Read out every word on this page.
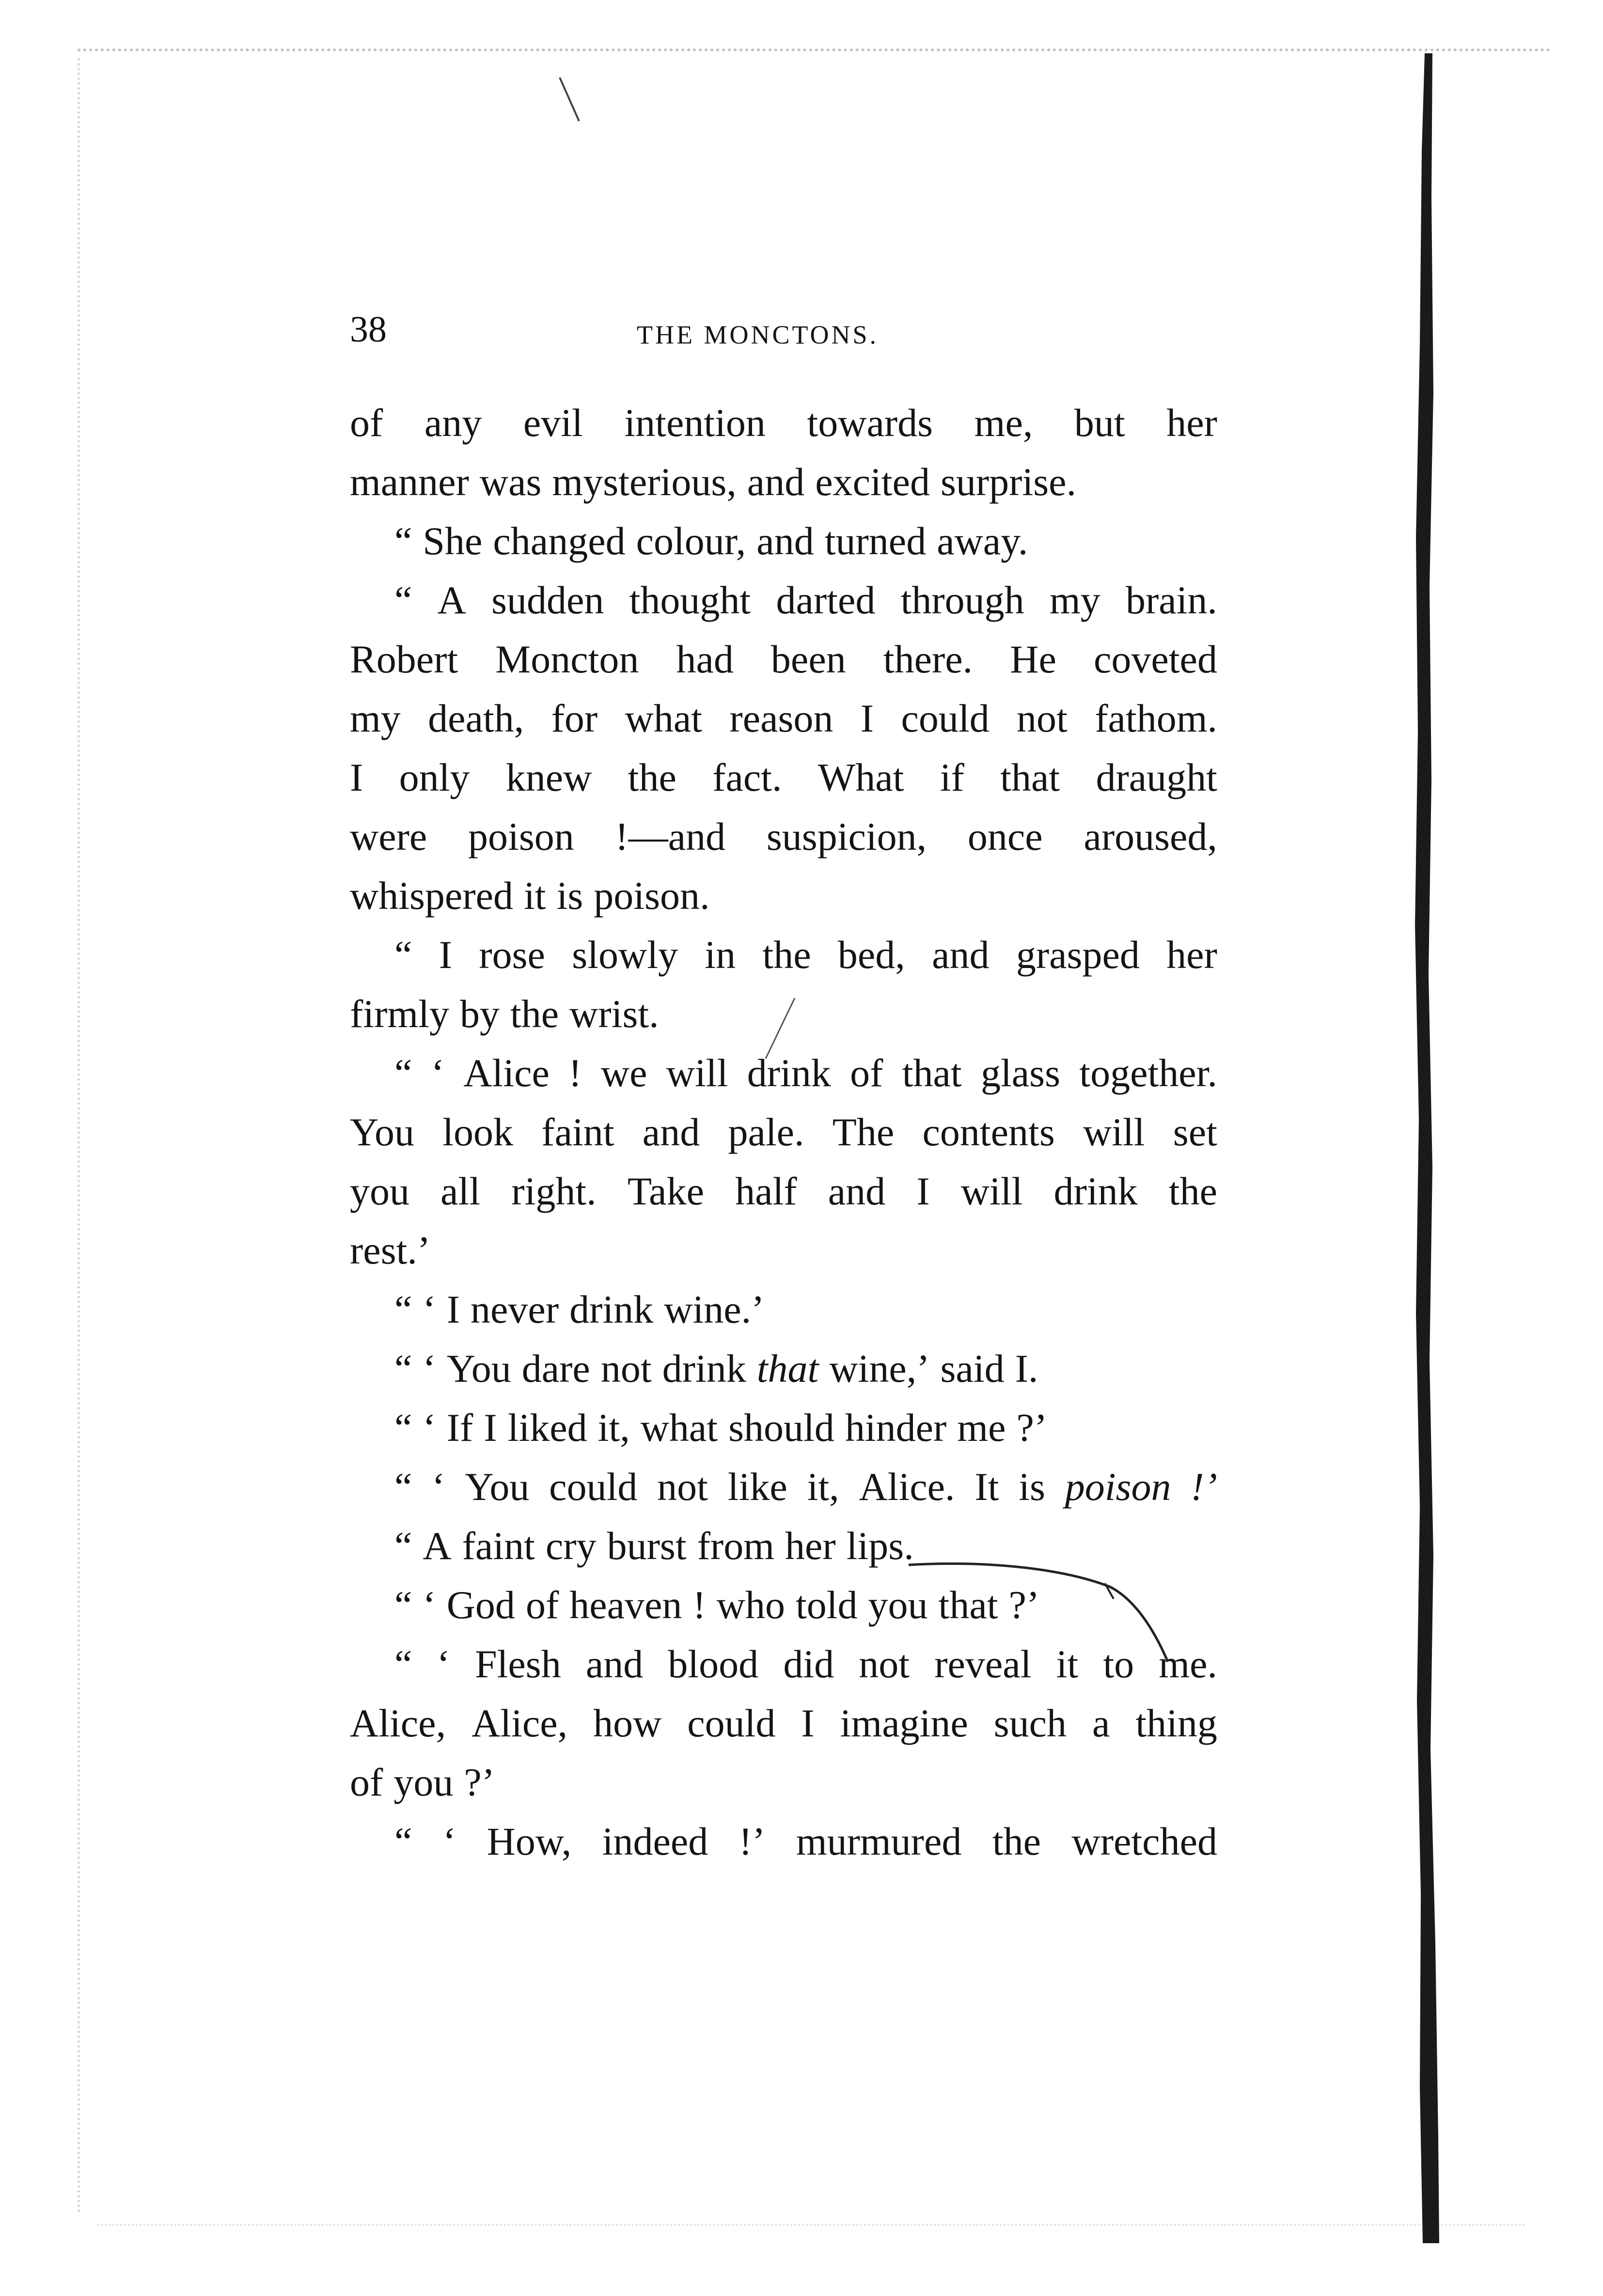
38	THE MONCTONS.
of any evil intention towards me, but her
manner was mysterious, and excited surprise.
“ She changed colour, and turned away.
“ A sudden thought darted through my brain.
Robert Moncton had been there. He coveted
my death, for what reason I could not fathom.
I only knew the fact. What if that draught
were poison !—and suspicion, once aroused,
whispered it is poison.
“ I rose slowly in the bed, and grasped her
firmly by the wrist.
“ ‘ Alice ! we will drink of that glass together.
You look faint and pale. The contents will set
you all right. Take half and I will drink the
rest.’
“ ‘ I never drink wine.’
“ ‘ You dare not drink that wine,’ said I.
“ ‘ If I liked it, what should hinder me ?’
“ ‘ You could not like it, Alice. It is poison !’
“ A faint cry burst from her lips.
“ ‘ God of heaven ! who told you that ?’
“ ‘ Flesh and blood did not reveal it to me.
Alice, Alice, how could I imagine such a thing
of you ?’
“ ‘ How, indeed !’ murmured the wretched
